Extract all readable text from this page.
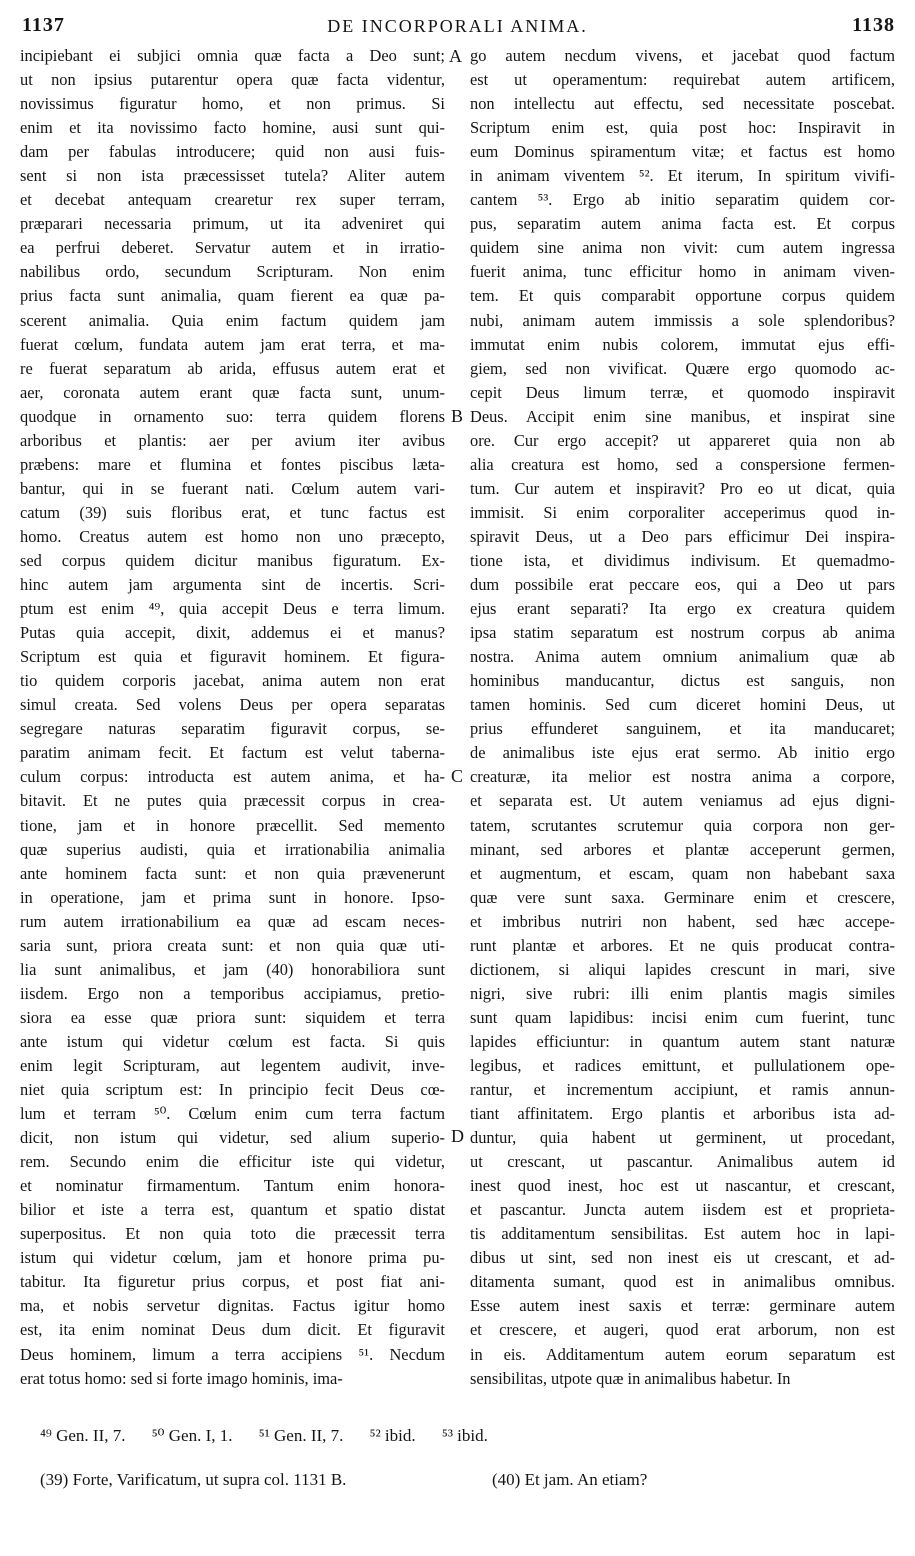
1137	DE INCORPORALI ANIMA.	1138
incipiebant ei subjici omnia quæ facta a Deo sunt;
ut non ipsius putarentur opera quæ facta videntur,
novissimus figuratur homo, et non primus. Si
enim et ita novissimo facto homine, ausi sunt qui-
dam per fabulas introducere; quid non ausi fuis-
sent si non ista præcessisset tutela? Aliter autem
et decebat antequam crearetur rex super terram,
præparari necessaria primum, ut ita adveniret qui
ea perfrui deberet. Servatur autem et in irratio-
nabilibus ordo, secundum Scripturam. Non enim
prius facta sunt animalia, quam fierent ea quæ pa-
scerent animalia. Quia enim factum quidem jam
fuerat cœlum, fundata autem jam erat terra, et ma-
re fuerat separatum ab arida, effusus autem erat et
aer, coronata autem erant quæ facta sunt, unum-
quodque in ornamento suo: terra quidem florens
arboribus et plantis: aer per avium iter avibus
præbens: mare et flumina et fontes piscibus læta-
bantur, qui in se fuerant nati. Cœlum autem vari-
catum (39) suis floribus erat, et tunc factus est
homo. Creatus autem est homo non uno præcepto,
sed corpus quidem dicitur manibus figuratum. Ex-
hinc autem jam argumenta sint de incertis. Scri-
ptum est enim ⁴⁹, quia accepit Deus e terra limum.
Putas quia accepit, dixit, addemus ei et manus?
Scriptum est quia et figuravit hominem. Et figura-
tio quidem corporis jacebat, anima autem non erat
simul creata. Sed volens Deus per opera separatas
segregare naturas separatim figuravit corpus, se-
paratim animam fecit. Et factum est velut taberna-
culum corpus: introducta est autem anima, et ha-
bitavit. Et ne putes quia præcessit corpus in crea-
tione, jam et in honore præcellit. Sed memento
quæ superius audisti, quia et irrationabilia animalia
ante hominem facta sunt: et non quia prævenerunt
in operatione, jam et prima sunt in honore. Ipso-
rum autem irrationabilium ea quæ ad escam neces-
saria sunt, priora creata sunt: et non quia quæ uti-
lia sunt animalibus, et jam (40) honorabiliora sunt
iisdem. Ergo non a temporibus accipiamus, pretio-
siora ea esse quæ priora sunt: siquidem et terra
ante istum qui videtur cœlum est facta. Si quis
enim legit Scripturam, aut legentem audivit, inve-
niet quia scriptum est: In principio fecit Deus cœ-
lum et terram ⁵⁰. Cœlum enim cum terra factum
dicit, non istum qui videtur, sed alium superio-
rem. Secundo enim die efficitur iste qui videtur,
et nominatur firmamentum. Tantum enim honora-
bilior et iste a terra est, quantum et spatio distat
superpositus. Et non quia toto die præcessit terra
istum qui videtur cœlum, jam et honore prima pu-
tabitur. Ita figuretur prius corpus, et post fiat ani-
ma, et nobis servetur dignitas. Factus igitur homo
est, ita enim nominat Deus dum dicit. Et figuravit
Deus hominem, limum a terra accipiens ⁵¹. Necdum
erat totus homo: sed si forte imago hominis, ima-
go autem necdum vivens, et jacebat quod factum
est ut operamentum: requirebat autem artificem,
non intellectu aut effectu, sed necessitate poscebat.
Scriptum enim est, quia post hoc: Inspiravit in
eum Dominus spiramentum vitæ; et factus est homo
in animam viventem ⁵². Et iterum, In spiritum vivifi-
cantem ⁵³. Ergo ab initio separatim quidem cor-
pus, separatim autem anima facta est. Et corpus
quidem sine anima non vivit: cum autem ingressa
fuerit anima, tunc efficitur homo in animam viven-
tem. Et quis comparabit opportune corpus quidem
nubi, animam autem immissis a sole splendoribus?
immutat enim nubis colorem, immutat ejus effi-
giem, sed non vivificat. Quære ergo quomodo ac-
cepit Deus limum terræ, et quomodo inspiravit
Deus. Accipit enim sine manibus, et inspirat sine
ore. Cur ergo accepit? ut appareret quia non ab
alia creatura est homo, sed a conspersione fermen-
tum. Cur autem et inspiravit? Pro eo ut dicat, quia
immisit. Si enim corporaliter acceperimus quod in-
spiravit Deus, ut a Deo pars efficimur Dei inspira-
tione ista, et dividimus indivisum. Et quemadmo-
dum possibile erat peccare eos, qui a Deo ut pars
ejus erant separati? Ita ergo ex creatura quidem
ipsa statim separatum est nostrum corpus ab anima
nostra. Anima autem omnium animalium quæ ab
hominibus manducantur, dictus est sanguis, non
tamen hominis. Sed cum diceret homini Deus, ut
prius effunderet sanguinem, et ita manducaret;
de animalibus iste ejus erat sermo. Ab initio ergo
creaturæ, ita melior est nostra anima a corpore,
et separata est. Ut autem veniamus ad ejus digni-
tatem, scrutantes scrutemur quia corpora non ger-
minant, sed arbores et plantæ acceperunt germen,
et augmentum, et escam, quam non habebant saxa
quæ vere sunt saxa. Germinare enim et crescere,
et imbribus nutriri non habent, sed hæc accepe-
runt plantæ et arbores. Et ne quis producat contra-
dictionem, si aliqui lapides crescunt in mari, sive
nigri, sive rubri: illi enim plantis magis similes
sunt quam lapidibus: incisi enim cum fuerint, tunc
lapides efficiuntur: in quantum autem stant naturæ
legibus, et radices emittunt, et pullulationem ope-
rantur, et incrementum accipiunt, et ramis annun-
tiant affinitatem. Ergo plantis et arboribus ista ad-
duntur, quia habent ut germinent, ut procedant,
ut crescant, ut pascantur. Animalibus autem id
inest quod inest, hoc est ut nascantur, et crescant,
et pascantur. Juncta autem iisdem est et proprieta-
tis additamentum sensibilitas. Est autem hoc in lapi-
dibus ut sint, sed non inest eis ut crescant, et ad-
ditamenta sumant, quod est in animalibus omnibus.
Esse autem inest saxis et terræ: germinare autem
et crescere, et augeri, quod erat arborum, non est
in eis. Additamentum autem eorum separatum est
sensibilitas, utpote quæ in animalibus habetur. In
A
B
C
D
⁴⁹ Gen. II, 7. ⁵⁰ Gen. I, 1. ⁵¹ Gen. II, 7. ⁵² ibid. ⁵³ ibid.
(39) Forte, Varificatum, ut supra col. 1131 B.	(40) Et jam. An etiam?
